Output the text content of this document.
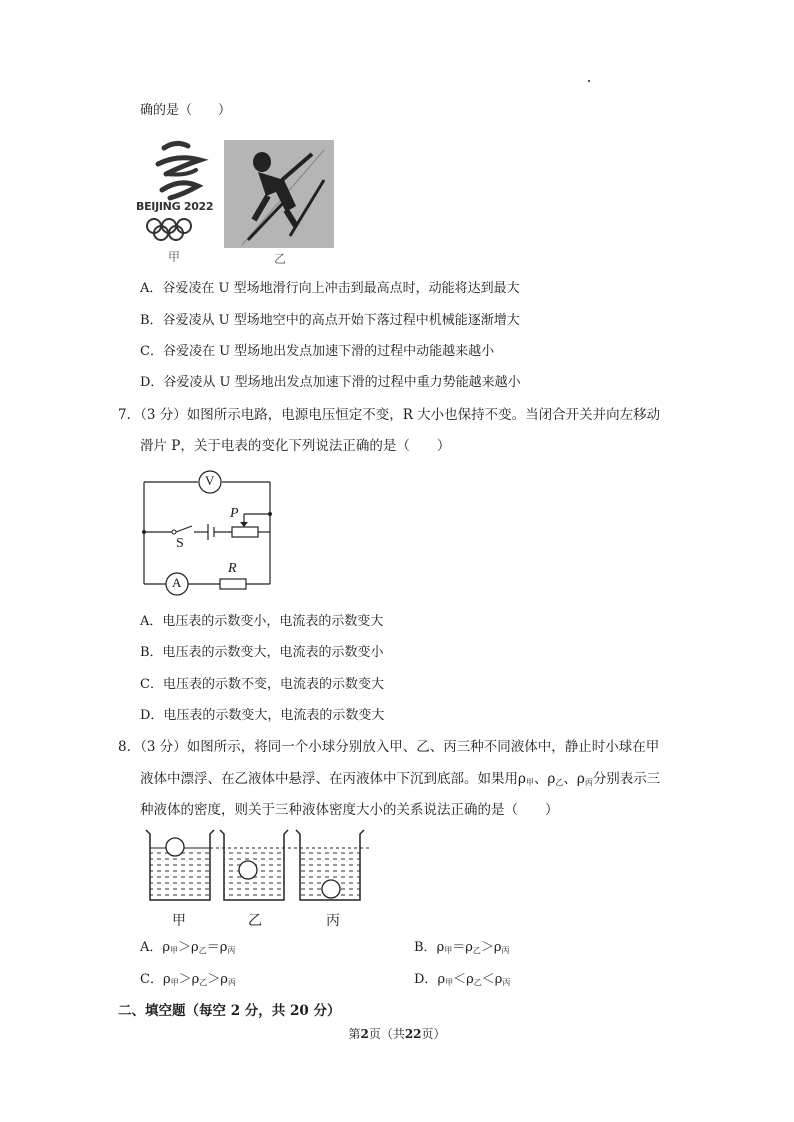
确的是（　　）
BEIJING 2022
甲	乙
A．谷爱凌在 U 型场地滑行向上冲击到最高点时，动能将达到最大
B．谷爱凌从 U 型场地空中的高点开始下落过程中机械能逐渐增大
C．谷爱凌在 U 型场地出发点加速下滑的过程中动能越来越小
D．谷爱凌从 U 型场地出发点加速下滑的过程中重力势能越来越小
7．（3 分）如图所示电路，电源电压恒定不变，R 大小也保持不变。当闭合开关并向左移动
滑片 P，关于电表的变化下列说法正确的是（　　）
V
A
S
P
R
A．电压表的示数变小，电流表的示数变大
B．电压表的示数变大，电流表的示数变小
C．电压表的示数不变，电流表的示数变大
D．电压表的示数变大，电流表的示数变大
8．（3 分）如图所示，将同一个小球分别放入甲、乙、丙三种不同液体中，静止时小球在甲
液体中漂浮、在乙液体中悬浮、在丙液体中下沉到底部。如果用$\rho_甲$、$\rho_乙$、$\rho_丙$分别表示三
种液体的密度，则关于三种液体密度大小的关系说法正确的是（　　）
甲	乙	丙
A．$\rho_甲>\rho_乙=\rho_丙$	B．$\rho_甲=\rho_乙>\rho_丙$
C．$\rho_甲>\rho_乙>\rho_丙$	D．$\rho_甲<\rho_乙<\rho_丙$
二、填空题（每空 2 分，共 20 分）
第2页（共22页）
